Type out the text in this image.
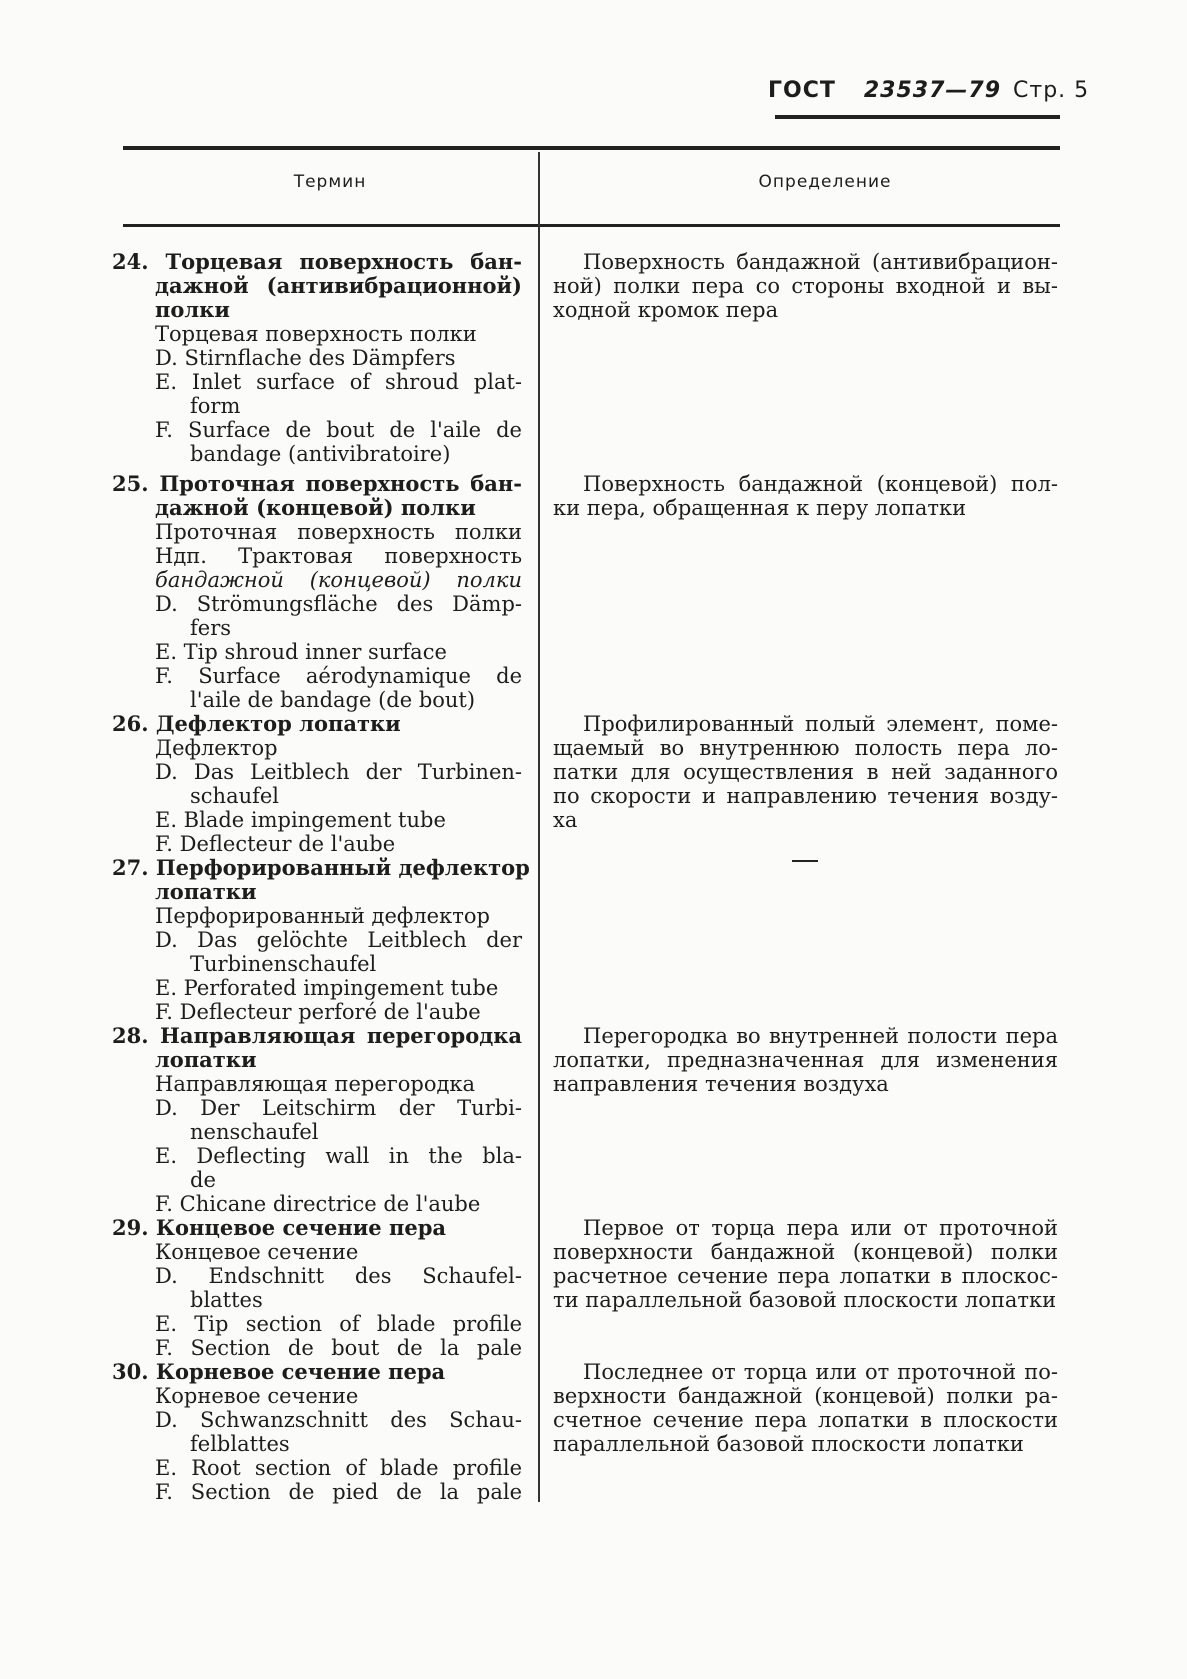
ГОСТ 23537—79 Стр. 5
Термин	Определение
24. Торцевая поверхность бан-
дажной (антивибрационной)
полки
Торцевая поверхность полки
D. Stirnflache des Dämpfers
E. Inlet surface of shroud plat-
form
F. Surface de bout de l'aile de
bandage (antivibratoire)
Поверхность бандажной (антивибрацион-
ной) полки пера со стороны входной и вы-
ходной кромок пера
25. Проточная поверхность бан-
дажной (концевой) полки
Проточная поверхность полки
Ндп. Трактовая поверхность
бандажной (концевой) полки
D. Strömungsfläche des Dämp-
fers
E. Tip shroud inner surface
F. Surface aérodynamique de
l'aile de bandage (de bout)
Поверхность бандажной (концевой) пол-
ки пера, обращенная к перу лопатки
26. Дефлектор лопатки
Дефлектор
D. Das Leitblech der Turbinen-
schaufel
E. Blade impingement tube
F. Deflecteur de l'aube
Профилированный полый элемент, поме-
щаемый во внутреннюю полость пера ло-
патки для осуществления в ней заданного
по скорости и направлению течения возду-
ха
27. Перфорированный дефлектор
лопатки
Перфорированный дефлектор
D. Das gelöchte Leitblech der
Turbinenschaufel
E. Perforated impingement tube
F. Deflecteur perforé de l'aube
28. Направляющая перегородка
лопатки
Направляющая перегородка
D. Der Leitschirm der Turbi-
nenschaufel
E. Deflecting wall in the bla-
de
F. Chicane directrice de l'aube
Перегородка во внутренней полости пера
лопатки, предназначенная для изменения
направления течения воздуха
29. Концевое сечение пера
Концевое сечение
D. Endschnitt des Schaufel-
blattes
E. Tip section of blade profile
F. Section de bout de la pale
Первое от торца пера или от проточной
поверхности бандажной (концевой) полки
расчетное сечение пера лопатки в плоскос-
ти параллельной базовой плоскости лопатки
30. Корневое сечение пера
Корневое сечение
D. Schwanzschnitt des Schau-
felblattes
E. Root section of blade profile
F. Section de pied de la pale
Последнее от торца или от проточной по-
верхности бандажной (концевой) полки ра-
счетное сечение пера лопатки в плоскости
параллельной базовой плоскости лопатки
